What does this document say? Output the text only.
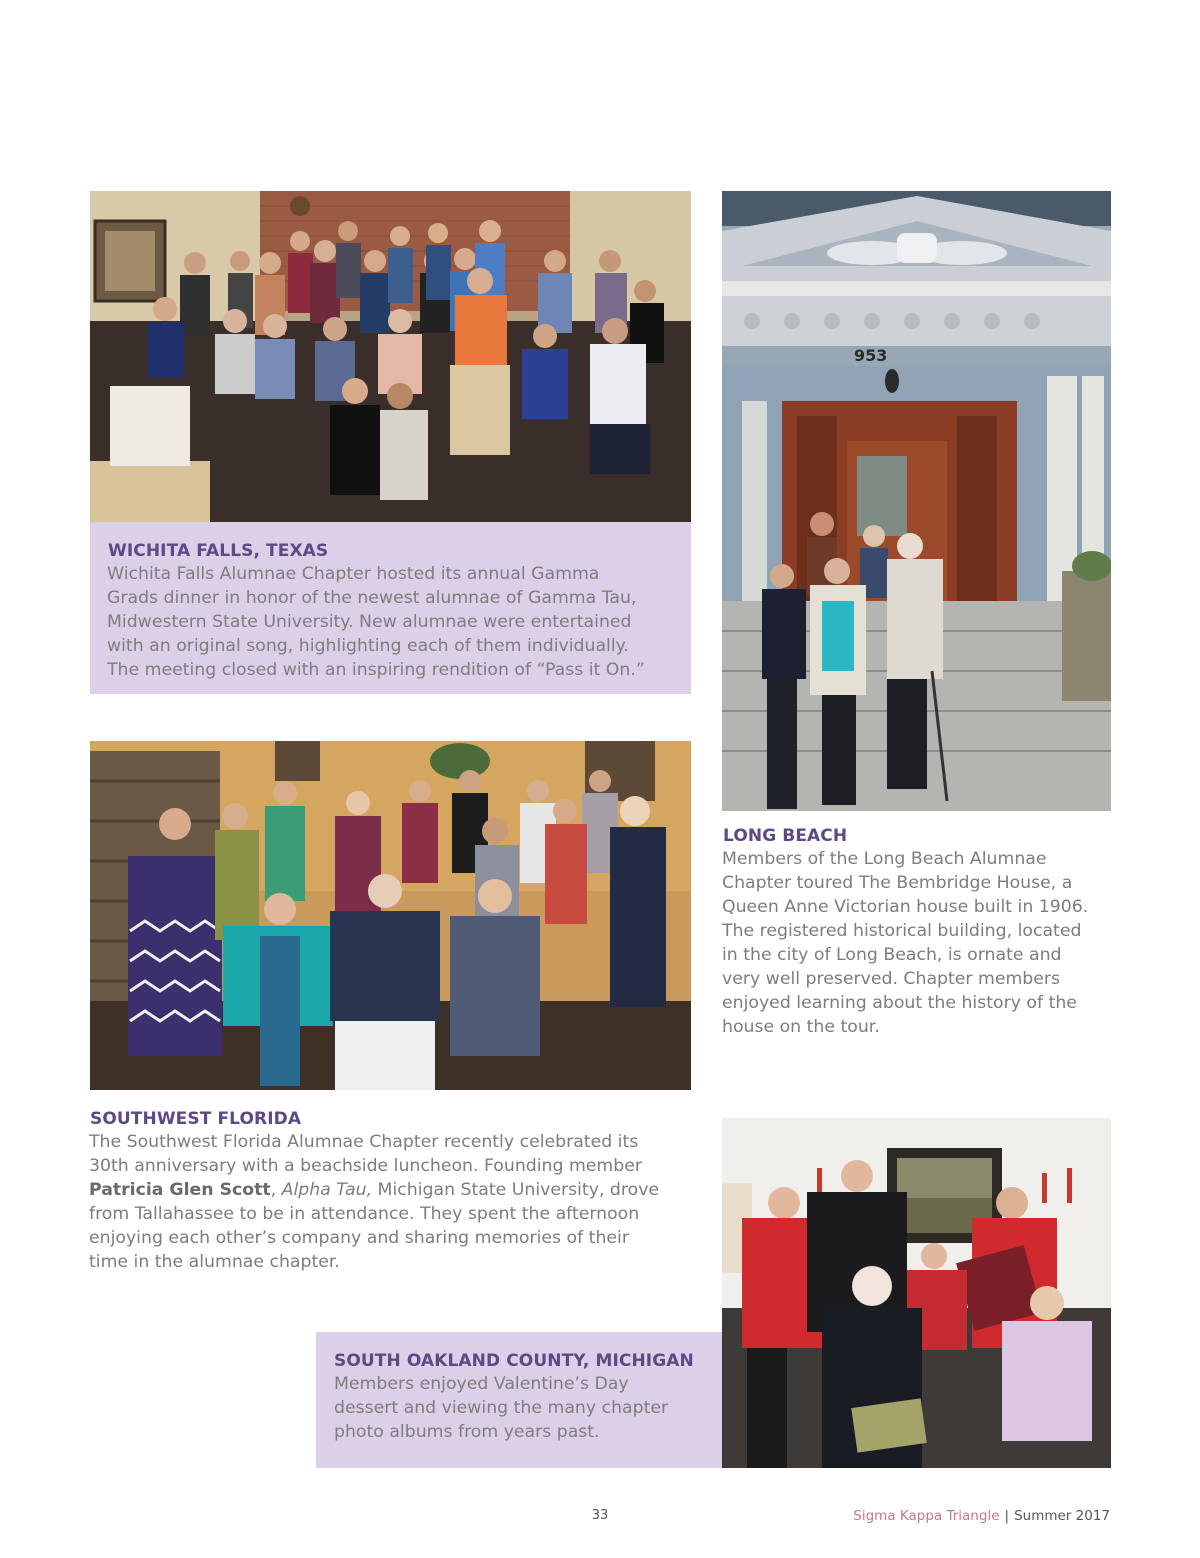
WICHITA FALLS, TEXAS
Wichita Falls Alumnae Chapter hosted its annual Gamma
Grads dinner in honor of the newest alumnae of Gamma Tau,
Midwestern State University. New alumnae were entertained
with an original song, highlighting each of them individually.
The meeting closed with an inspiring rendition of “Pass it On.”
953
LONG BEACH
Members of the Long Beach Alumnae
Chapter toured The Bembridge House, a
Queen Anne Victorian house built in 1906.
The registered historical building, located
in the city of Long Beach, is ornate and
very well preserved. Chapter members
enjoyed learning about the history of the
house on the tour.
SOUTHWEST FLORIDA
The Southwest Florida Alumnae Chapter recently celebrated its
30th anniversary with a beachside luncheon. Founding member
Patricia Glen Scott, Alpha Tau, Michigan State University, drove
from Tallahassee to be in attendance. They spent the afternoon
enjoying each other’s company and sharing memories of their
time in the alumnae chapter.
SOUTH OAKLAND COUNTY, MICHIGAN
Members enjoyed Valentine’s Day
dessert and viewing the many chapter
photo albums from years past.
33	Sigma Kappa Triangle | Summer 2017
